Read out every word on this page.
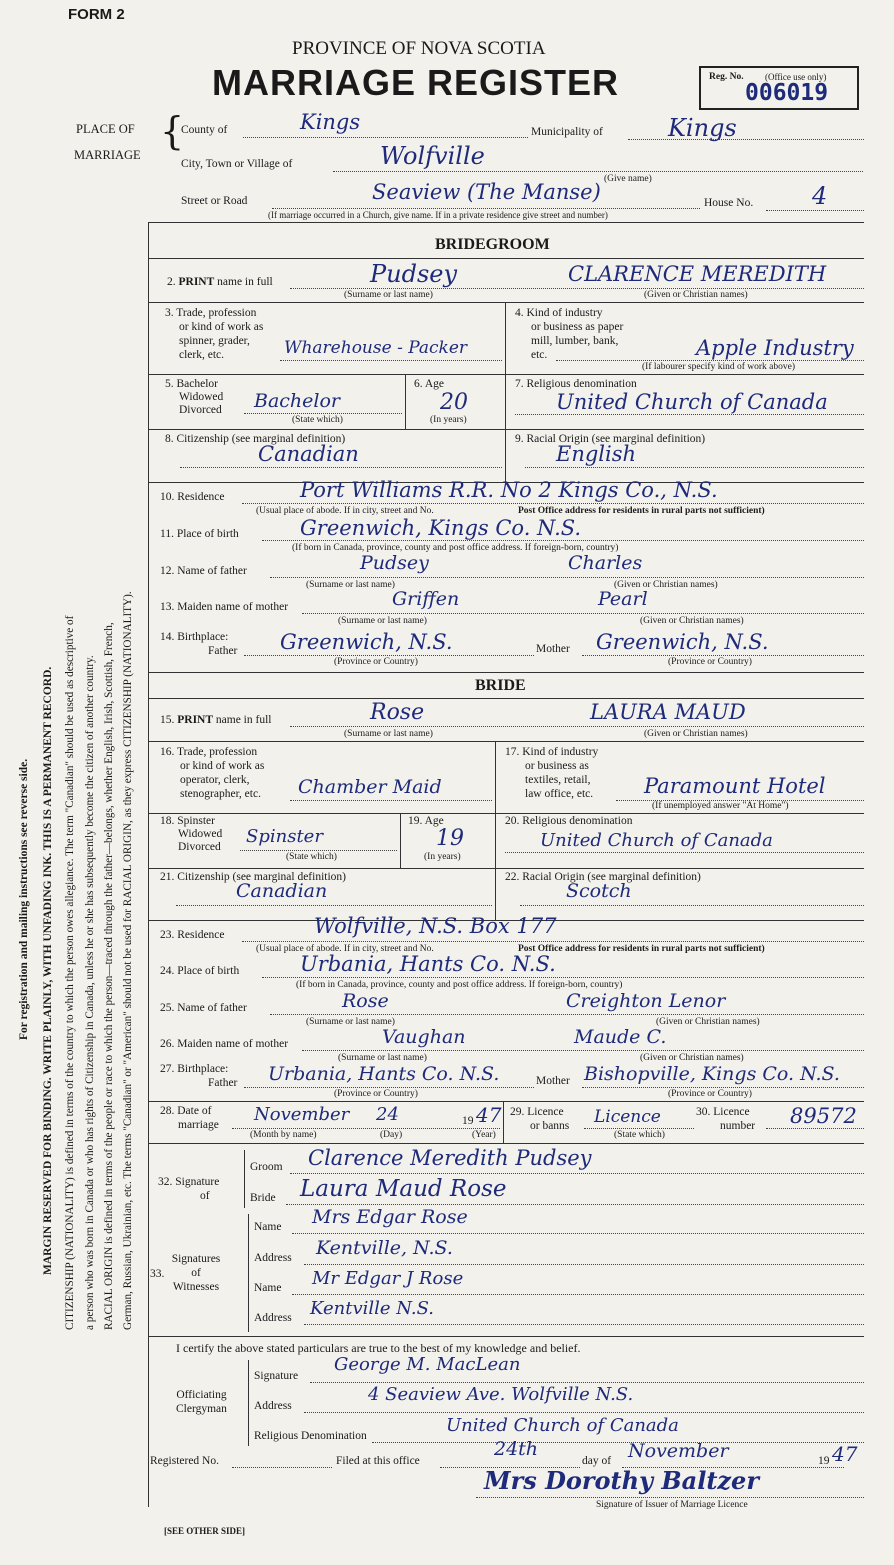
For registration and mailing instructions see reverse side. MARGIN RESERVED FOR BINDING. WRITE PLAINLY, WITH UNFADING INK. THIS IS A PERMANENT RECORD. CITIZENSHIP (NATIONALITY) is defined in terms of the country to which the person owes allegiance. The term "Canadian" should be used as descriptive of a person who was born in Canada or who has rights of Citizenship in Canada, unless he or she has subsequently become the citizen of another country. RACIAL ORIGIN is defined in terms of the people or race to which the person—traced through the father—belongs, whether English, Irish, Scottish, French, German, Russian, Ukrainian, etc. The terms "Canadian" or "American" should not be used for RACIAL ORIGIN, as they express CITIZENSHIP (NATIONALITY).
FORM 2
PROVINCE OF NOVA SCOTIA
MARRIAGE REGISTER	Reg. No. (Office use only)
006019
PLACE OF
MARRIAGE
{
County of	Kings	Municipality of	Kings
City, Town or Village of	Wolfville
(Give name)
Street or Road	Seaview (The Manse)	House No. 4
(If marriage occurred in a Church, give name. If in a private residence give street and number)
BRIDEGROOM
2. PRINT name in full	Pudsey	CLARENCE MEREDITH
(Surname or last name)	(Given or Christian names)
3. Trade, profession
or kind of work as
spinner, grader,
clerk, etc.	Wharehouse - Packer
4. Kind of industry
or business as paper
mill, lumber, bank,
etc.	Apple Industry
(If labourer specify kind of work above)
5. Bachelor
Widowed
Divorced Bachelor
(State which)
6. Age
20
(In years)
7. Religious denomination
United Church of Canada
8. Citizenship (see marginal definition)
Canadian
9. Racial Origin (see marginal definition)
English
10. Residence	Port Williams R.R. No 2 Kings Co., N.S.
(Usual place of abode. If in city, street and No.	Post Office address for residents in rural parts not sufficient)
11. Place of birth	Greenwich, Kings Co. N.S.
(If born in Canada, province, county and post office address. If foreign-born, country)
12. Name of father	Pudsey	Charles
(Surname or last name)	(Given or Christian names)
13. Maiden name of mother	Griffen	Pearl
(Surname or last name)	(Given or Christian names)
14. Birthplace:
Father Greenwich, N.S.	Mother Greenwich, N.S.
(Province or Country)	(Province or Country)
BRIDE
15. PRINT name in full	Rose	LAURA MAUD
(Surname or last name)	(Given or Christian names)
16. Trade, profession
or kind of work as
operator, clerk,
stenographer, etc. Chamber Maid
17. Kind of industry
or business as
textiles, retail,
law office, etc. Paramount Hotel
(If unemployed answer "At Home")
18. Spinster
Widowed
Divorced Spinster
(State which)
19. Age
19
(In years)
20. Religious denomination
United Church of Canada
21. Citizenship (see marginal definition)
Canadian
22. Racial Origin (see marginal definition)
Scotch
23. Residence	Wolfville, N.S. Box 177
(Usual place of abode. If in city, street and No.	Post Office address for residents in rural parts not sufficient)
24. Place of birth	Urbania, Hants Co. N.S.
(If born in Canada, province, county and post office address. If foreign-born, country)
25. Name of father	Rose	Creighton Lenor
(Surname or last name)	(Given or Christian names)
26. Maiden name of mother	Vaughan	Maude C.
(Surname or last name)	(Given or Christian names)
27. Birthplace:
Father Urbania, Hants Co. N.S.	Mother Bishopville, Kings Co. N.S.
(Province or Country)	(Province or Country)
28. Date of
marriage November 24	19 47
(Month by name)	(Day)	(Year)
29. Licence
or banns Licence
(State which)
30. Licence
number 89572
32. Signature
of
Groom Clarence Meredith Pudsey
Bride Laura Maud Rose
Signatures
of
Witnesses
33.
Name Mrs Edgar Rose
Address Kentville, N.S.
Name Mr Edgar J Rose
Address Kentville N.S.
I certify the above stated particulars are true to the best of my knowledge and belief.
Officiating
Clergyman
Signature
George M. MacLean
Address
4 Seaview Ave. Wolfville N.S.
Religious Denomination	United Church of Canada
Registered No.	Filed at this office
24th
day of November	19 47
Mrs Dorothy Baltzer
Signature of Issuer of Marriage Licence
[SEE OTHER SIDE]
